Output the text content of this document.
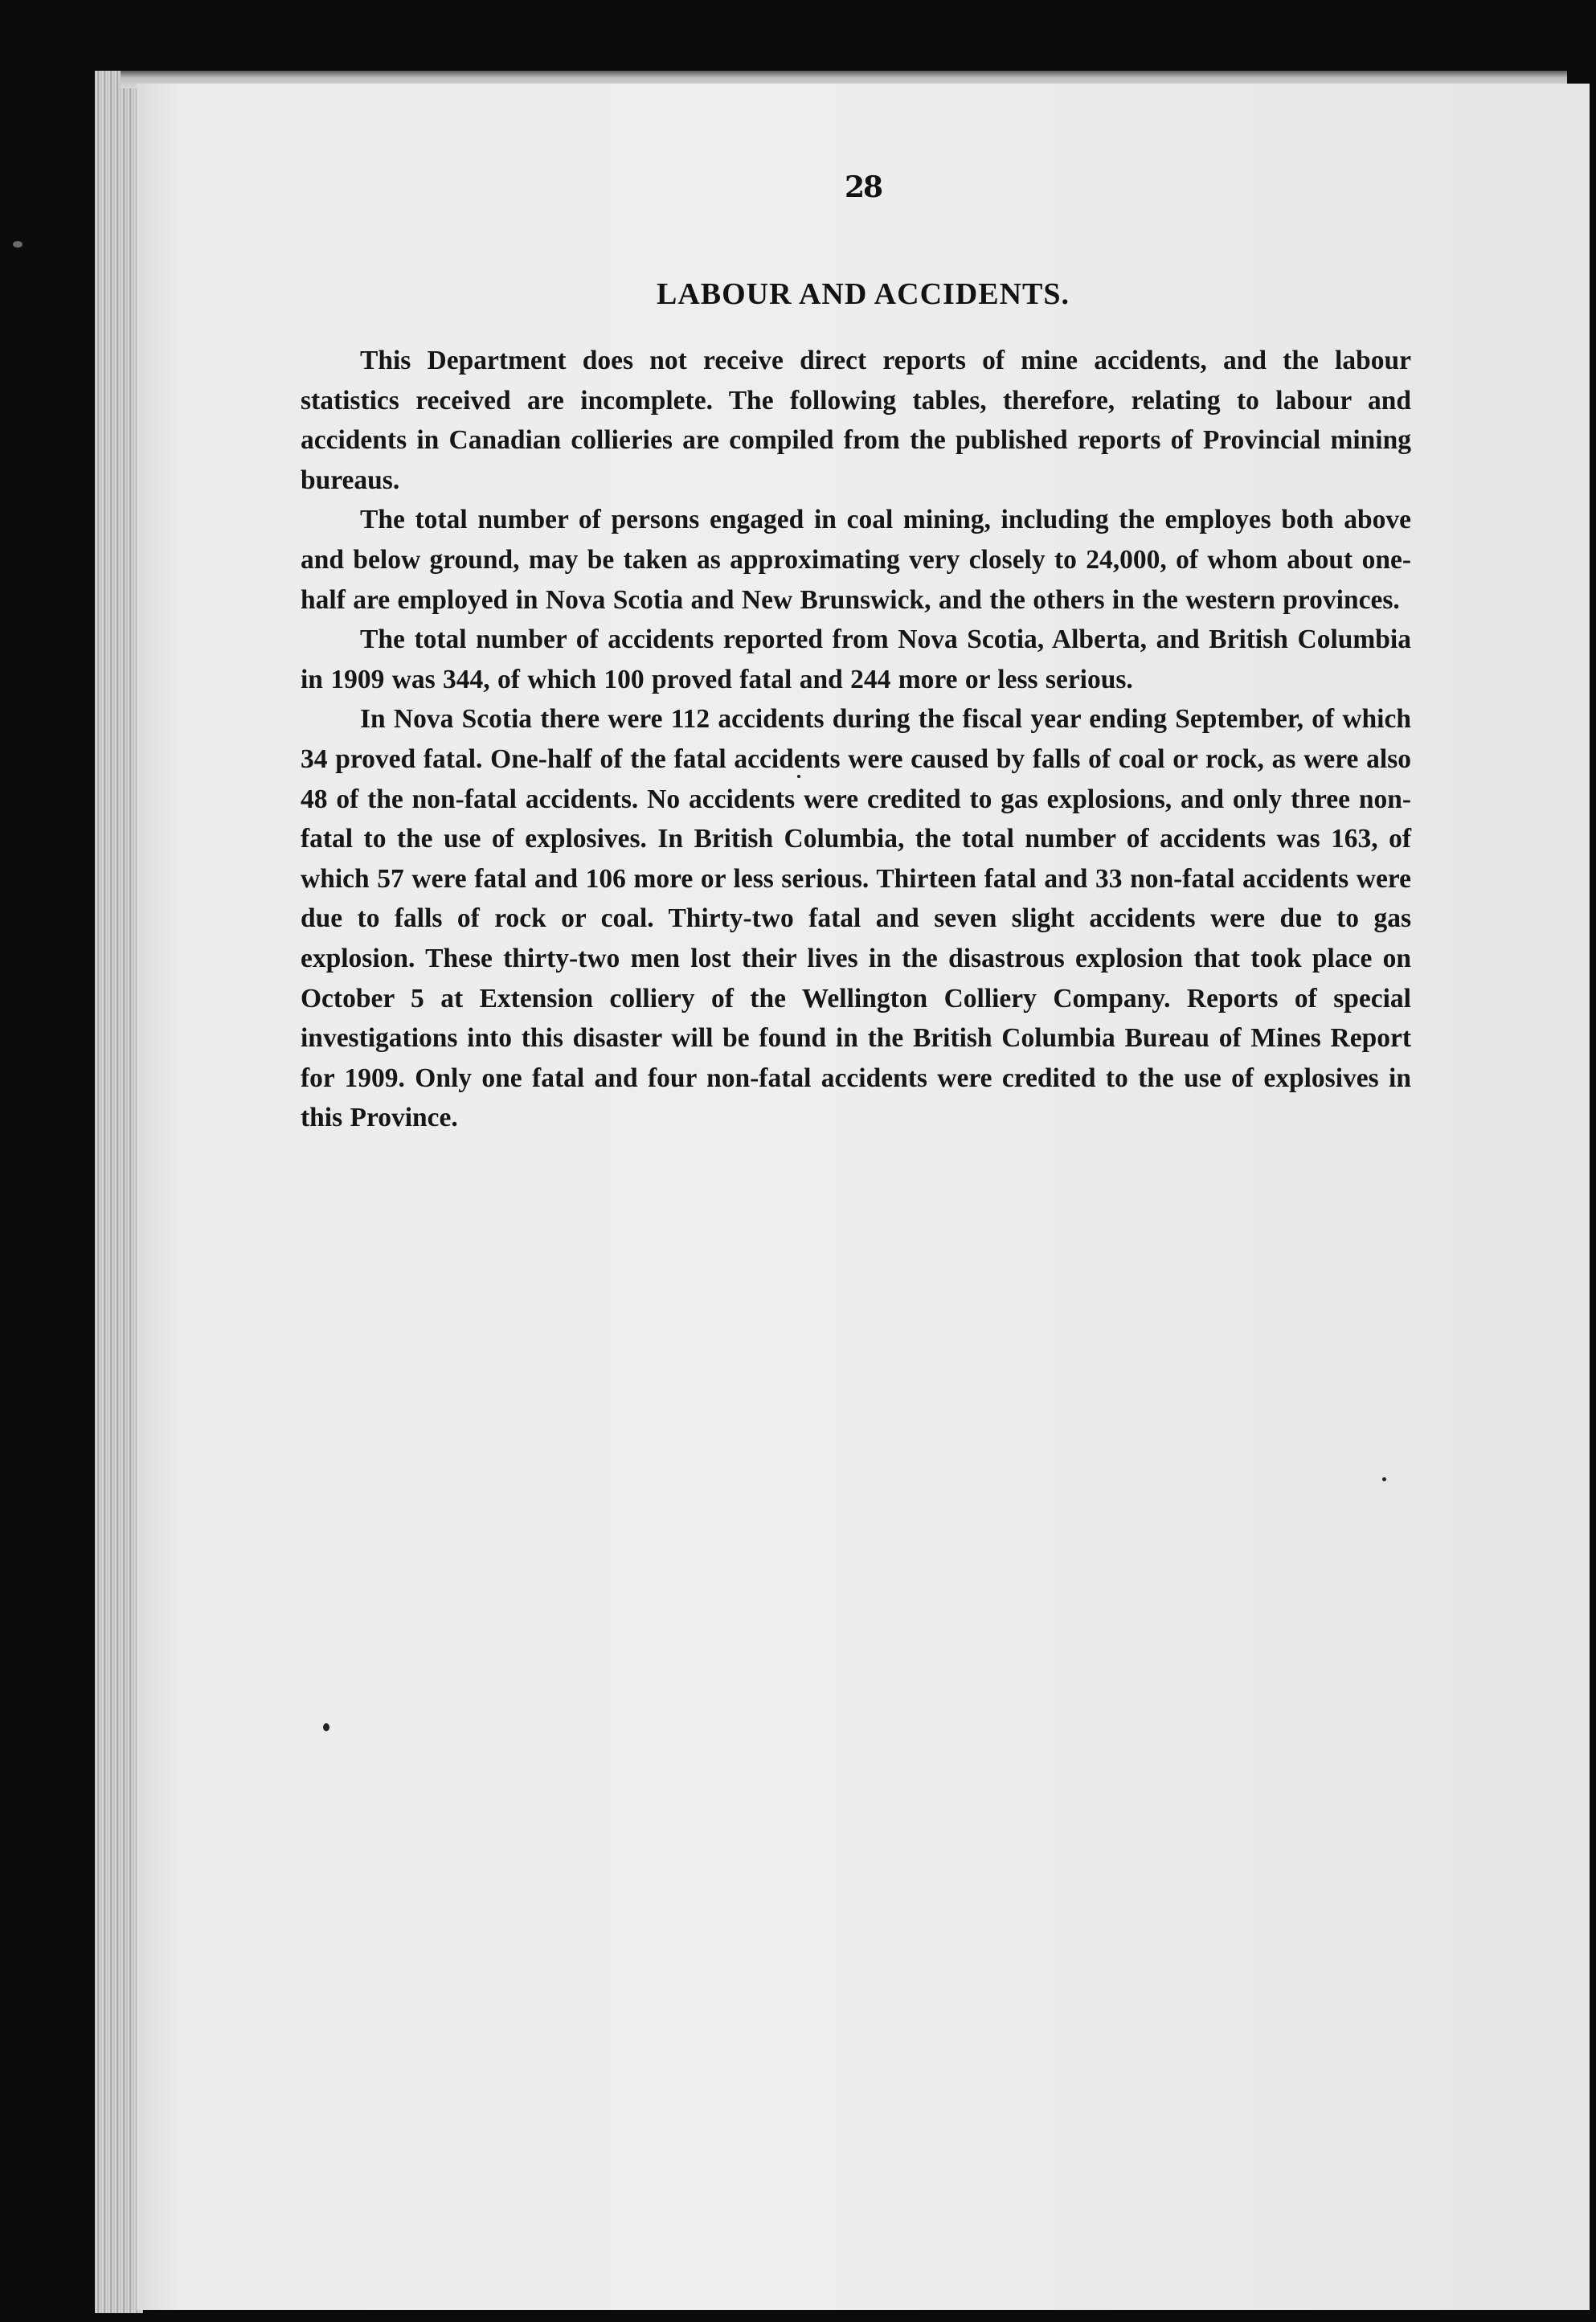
28
LABOUR AND ACCIDENTS.

This Department does not receive direct reports of mine accidents, and the labour statistics received are incomplete. The following tables, therefore, relating to labour and accidents in Canadian collieries are compiled from the published reports of Provincial mining bureaus.

The total number of persons engaged in coal mining, including the employes both above and below ground, may be taken as approximating very closely to 24,000, of whom about one-half are employed in Nova Scotia and New Brunswick, and the others in the western provinces.

The total number of accidents reported from Nova Scotia, Alberta, and British Columbia in 1909 was 344, of which 100 proved fatal and 244 more or less serious.

In Nova Scotia there were 112 accidents during the fiscal year ending September, of which 34 proved fatal. One-half of the fatal accidents were caused by falls of coal or rock, as were also 48 of the non-fatal accidents. No accidents were credited to gas explosions, and only three non-fatal to the use of explosives. In British Columbia, the total number of accidents was 163, of which 57 were fatal and 106 more or less serious. Thirteen fatal and 33 non-fatal accidents were due to falls of rock or coal. Thirty-two fatal and seven slight accidents were due to gas explosion. These thirty-two men lost their lives in the disastrous explosion that took place on October 5 at Extension colliery of the Wellington Colliery Company. Reports of special investigations into this disaster will be found in the British Columbia Bureau of Mines Report for 1909. Only one fatal and four non-fatal accidents were credited to the use of explosives in this Province.
